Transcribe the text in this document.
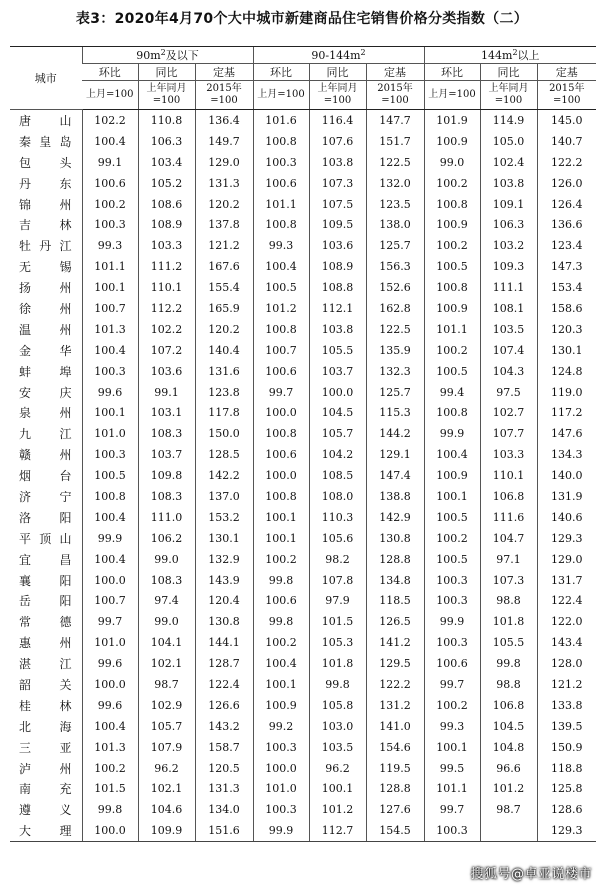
表3：2020年4月70个大中城市新建商品住宅销售价格分类指数（二）
城市	$90m^2$及以下			$90-144m^2$			$144m^2$以上		
	环比	同比	定基	环比	同比	定基	环比	同比	定基
	上月=100	上年同月=100	2015年=100	上月=100	上年同月=100	2015年=100	上月=100	上年同月=100	2015年=100
唐山	102.2	110.8	136.4	101.6	116.4	147.7	101.9	114.9	145.0
秦皇岛	100.4	106.3	149.7	100.8	107.6	151.7	100.9	105.0	140.7
包头	99.1	103.4	129.0	100.3	103.8	122.5	99.0	102.4	122.2
丹东	100.6	105.2	131.3	100.6	107.3	132.0	100.2	103.8	126.0
锦州	100.2	108.6	120.2	101.1	107.5	123.5	100.8	109.1	126.4
吉林	100.3	108.9	137.8	100.8	109.5	138.0	100.9	106.3	136.6
牡丹江	99.3	103.3	121.2	99.3	103.6	125.7	100.2	103.2	123.4
无锡	101.1	111.2	167.6	100.4	108.9	156.3	100.5	109.3	147.3
扬州	100.1	110.1	155.4	100.5	108.8	152.6	100.8	111.1	153.4
徐州	100.7	112.2	165.9	101.2	112.1	162.8	100.9	108.1	158.6
温州	101.3	102.2	120.2	100.8	103.8	122.5	101.1	103.5	120.3
金华	100.4	107.2	140.4	100.7	105.5	135.9	100.2	107.4	130.1
蚌埠	100.3	103.6	131.6	100.6	103.7	132.3	100.5	104.3	124.8
安庆	99.6	99.1	123.8	99.7	100.0	125.7	99.4	97.5	119.0
泉州	100.1	103.1	117.8	100.0	104.5	115.3	100.8	102.7	117.2
九江	101.0	108.3	150.0	100.8	105.7	144.2	99.9	107.7	147.6
赣州	100.3	103.7	128.5	100.6	104.2	129.1	100.4	103.3	134.3
烟台	100.5	109.8	142.2	100.0	108.5	147.4	100.9	110.1	140.0
济宁	100.8	108.3	137.0	100.8	108.0	138.8	100.1	106.8	131.9
洛阳	100.4	111.0	153.2	100.1	110.3	142.9	100.5	111.6	140.6
平顶山	99.9	106.2	130.1	100.1	105.6	130.8	100.2	104.7	129.3
宜昌	100.4	99.0	132.9	100.2	98.2	128.8	100.5	97.1	129.0
襄阳	100.0	108.3	143.9	99.8	107.8	134.8	100.3	107.3	131.7
岳阳	100.7	97.4	120.4	100.6	97.9	118.5	100.3	98.8	122.4
常德	99.7	99.0	130.8	99.8	101.5	126.5	99.9	101.8	122.0
惠州	101.0	104.1	144.1	100.2	105.3	141.2	100.3	105.5	143.4
湛江	99.6	102.1	128.7	100.4	101.8	129.5	100.6	99.8	128.0
韶关	100.0	98.7	122.4	100.1	99.8	122.2	99.7	98.8	121.2
桂林	99.6	102.9	126.6	100.9	105.8	131.2	100.2	106.8	133.8
北海	100.4	105.7	143.2	99.2	103.0	141.0	99.3	104.5	139.5
三亚	101.3	107.9	158.7	100.3	103.5	154.6	100.1	104.8	150.9
泸州	100.2	96.2	120.5	100.0	96.2	119.5	99.5	96.6	118.8
南充	101.5	102.1	131.3	101.0	100.1	128.8	101.1	101.2	125.8
遵义	99.8	104.6	134.0	100.3	101.2	127.6	99.7	98.7	128.6
大理	100.0	109.9	151.6	99.9	112.7	154.5	100.3		129.3
搜狐号@卓亚说楼市
